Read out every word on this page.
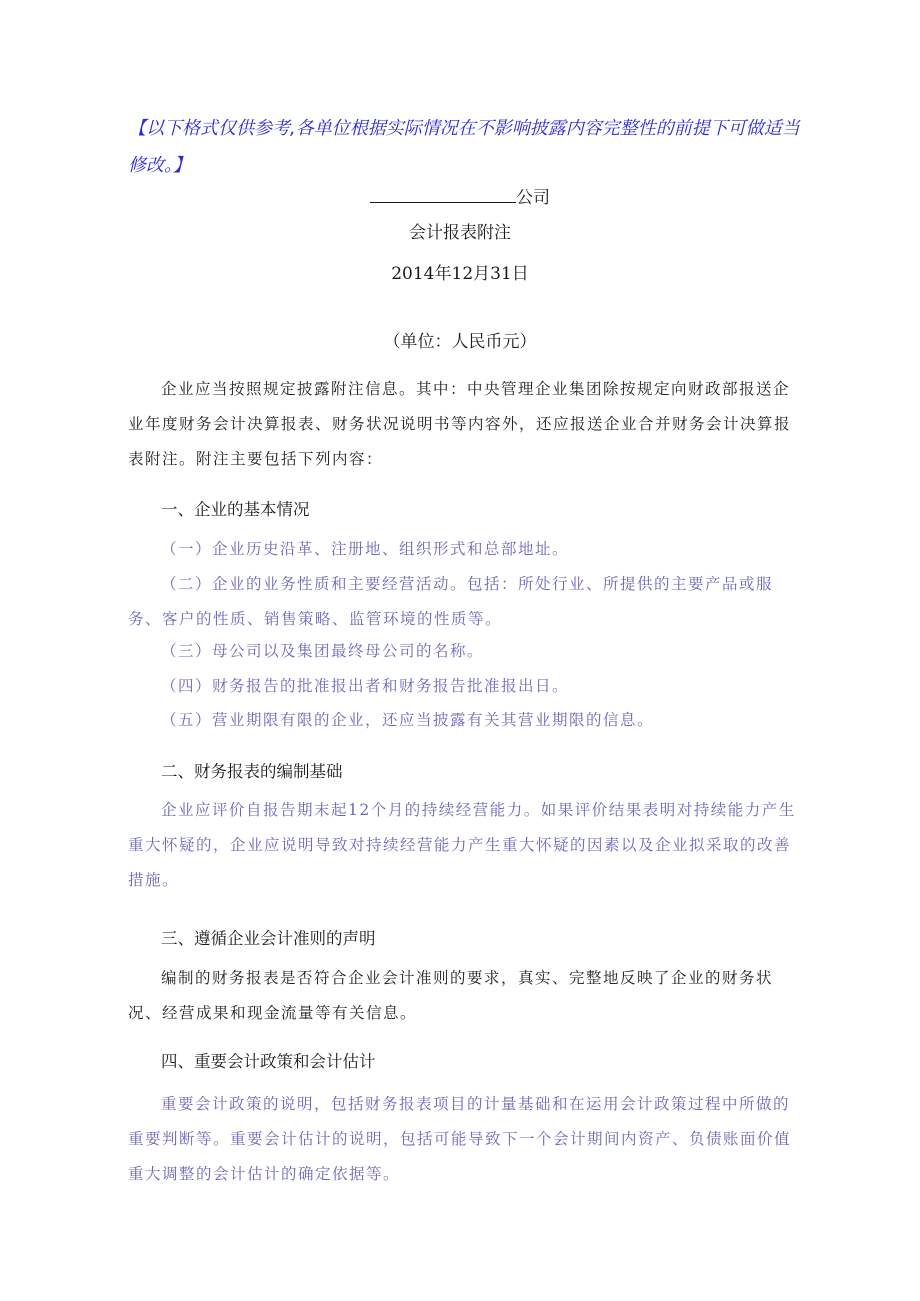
【以下格式仅供参考,各单位根据实际情况在不影响披露内容完整性的前提下可做适当修改。】
公司
会计报表附注
2014年12月31日
（单位：人民币元）
企业应当按照规定披露附注信息。其中：中央管理企业集团除按规定向财政部报送企业年度财务会计决算报表、财务状况说明书等内容外，还应报送企业合并财务会计决算报表附注。附注主要包括下列内容：
一、企业的基本情况
（一）企业历史沿革、注册地、组织形式和总部地址。
（二）企业的业务性质和主要经营活动。包括：所处行业、所提供的主要产品或服务、客户的性质、销售策略、监管环境的性质等。
（三）母公司以及集团最终母公司的名称。
（四）财务报告的批准报出者和财务报告批准报出日。
（五）营业期限有限的企业，还应当披露有关其营业期限的信息。
二、财务报表的编制基础
企业应评价自报告期末起12个月的持续经营能力。如果评价结果表明对持续能力产生重大怀疑的，企业应说明导致对持续经营能力产生重大怀疑的因素以及企业拟采取的改善措施。
三、遵循企业会计准则的声明
编制的财务报表是否符合企业会计准则的要求，真实、完整地反映了企业的财务状况、经营成果和现金流量等有关信息。
四、重要会计政策和会计估计
重要会计政策的说明，包括财务报表项目的计量基础和在运用会计政策过程中所做的重要判断等。重要会计估计的说明，包括可能导致下一个会计期间内资产、负债账面价值重大调整的会计估计的确定依据等。
